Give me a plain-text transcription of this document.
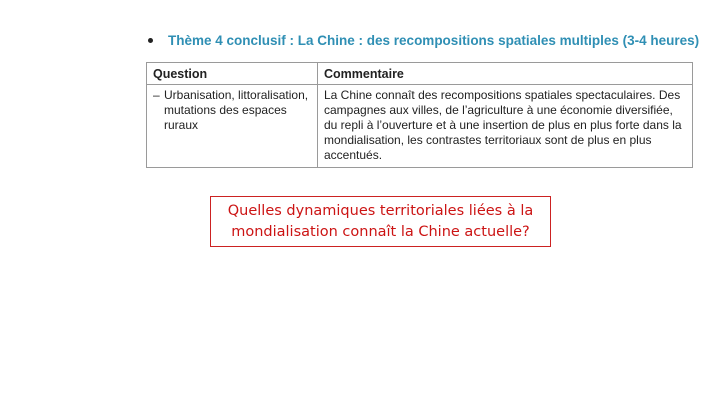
Thème 4 conclusif : La Chine : des recompositions spatiales multiples (3-4 heures)
Question	Commentaire

– Urbanisation, littoralisation, mutations des espaces ruraux	La Chine connaît des recompositions spatiales spectaculaires. Des campagnes aux villes, de l’agriculture à une économie diversifiée, du repli à l’ouverture et à une insertion de plus en plus forte dans la mondialisation, les contrastes territoriaux sont de plus en plus accentués.
Quelles dynamiques territoriales liées à la mondialisation connaît la Chine actuelle?
